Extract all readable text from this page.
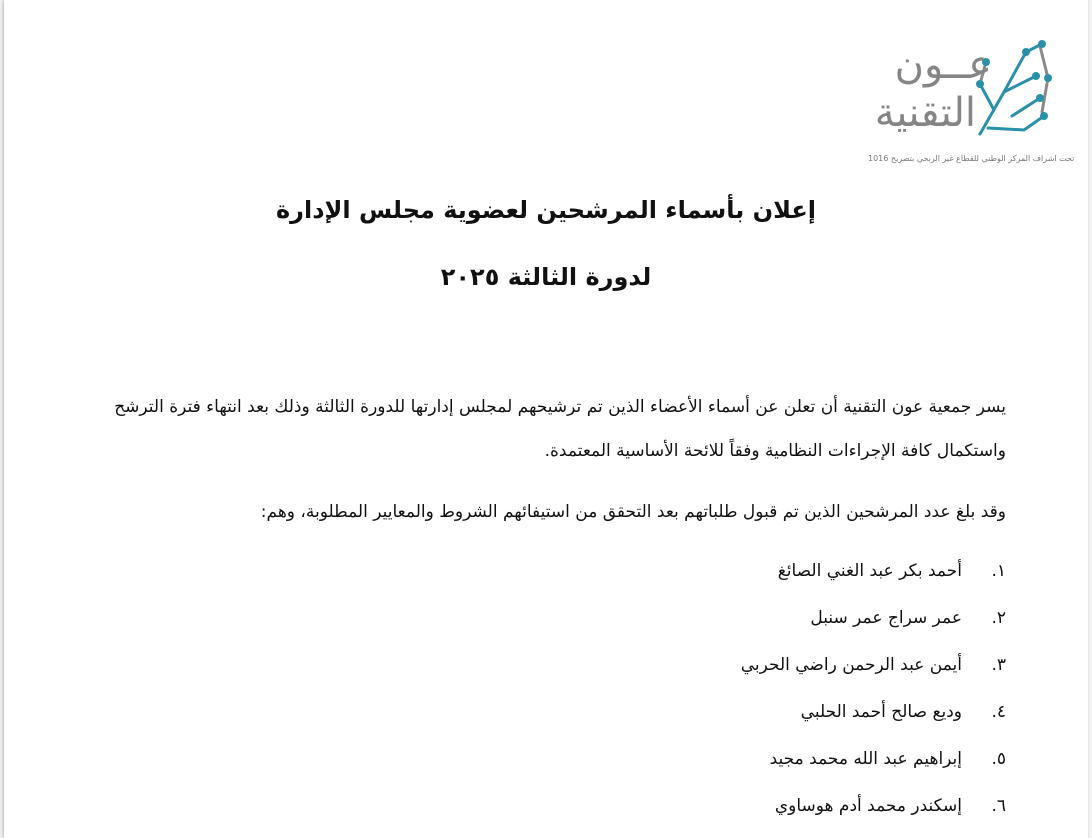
عــون
التقنية
تحت اشراف المركز الوطني للقطاع غير الربحي بتصريح 1016
إعلان بأسماء المرشحين لعضوية مجلس الإدارة
لدورة الثالثة ٢٠٢٥
يسر جمعية عون التقنية أن تعلن عن أسماء الأعضاء الذين تم ترشيحهم لمجلس إدارتها للدورة الثالثة وذلك بعد انتهاء فترة الترشح واستكمال كافة الإجراءات النظامية وفقاً للائحة الأساسية المعتمدة.
وقد بلغ عدد المرشحين الذين تم قبول طلباتهم بعد التحقق من استيفائهم الشروط والمعايير المطلوبة، وهم:
١.
أحمد بكر عبد الغني الصائغ
٢.
عمر سراج عمر سنبل
٣.
أيمن عبد الرحمن راضي الحربي
٤.
وديع صالح أحمد الحلبي
٥.
إبراهيم عبد الله محمد مجيد
٦.
إسكندر محمد أدم هوساوي
